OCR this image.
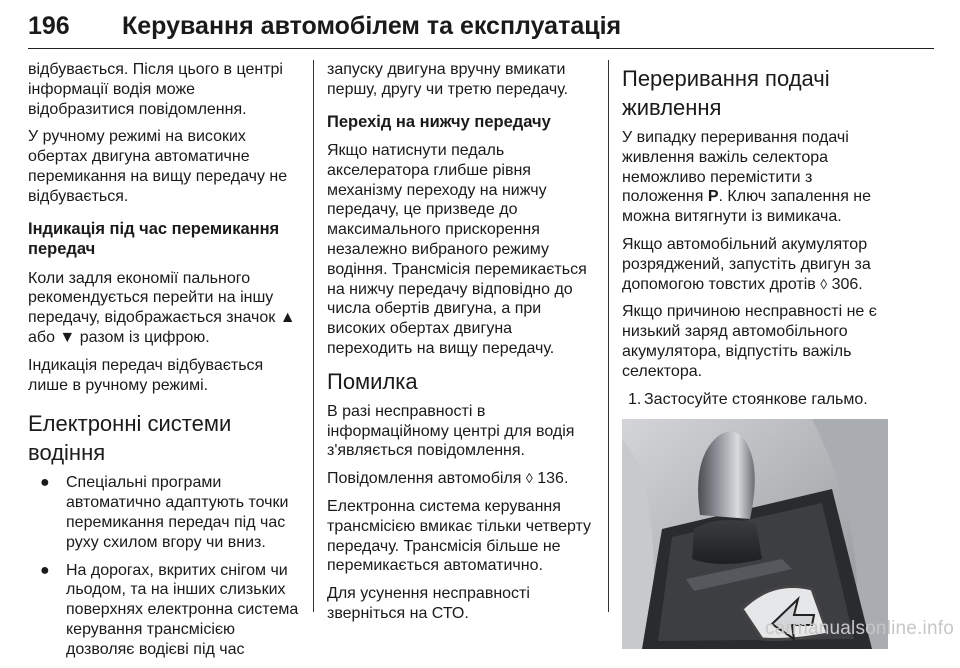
196 Керування автомобілем та експлуатація

відбувається. Після цього в центрі інформації водія може відобразитися повідомлення.

У ручному режимі на високих обертах двигуна автоматичне перемикання на вищу передачу не відбувається.

Індикація під час перемикання передач

Коли задля економії пального рекомендується перейти на іншу передачу, відображається значок ▲ або ▼ разом із цифрою.

Індикація передач відбувається лише в ручному режимі.

Електронні системи водіння
● Спеціальні програми автоматично адаптують точки перемикання передач під час руху схилом вгору чи вниз.
● На дорогах, вкритих снігом чи льодом, та на інших слизьких поверхнях електронна система керування трансмісією дозволяє водієві під час

запуску двигуна вручну вмикати першу, другу чи третю передачу.

Перехід на нижчу передачу

Якщо натиснути педаль акселератора глибше рівня механізму переходу на нижчу передачу, це призведе до максимального прискорення незалежно вибраного режиму водіння. Трансмісія перемикається на нижчу передачу відповідно до числа обертів двигуна, а при високих обертах двигуна переходить на вищу передачу.

Помилка

В разі несправності в інформаційному центрі для водія з'являється повідомлення.

Повідомлення автомобіля ◊ 136.

Електронна система керування трансмісією вмикає тільки четверту передачу. Трансмісія більше не перемикається автоматично.

Для усунення несправності зверніться на СТО.

Переривання подачі живлення

У випадку переривання подачі живлення важіль селектора неможливо перемістити з положення P. Ключ запалення не можна витягнути із вимикача.

Якщо автомобільний акумулятор розряджений, запустіть двигун за допомогою товстих дротів ◊ 306.

Якщо причиною несправності не є низький заряд автомобільного акумулятора, відпустіть важіль селектора.

1. Застосуйте стоянкове гальмо.
carmanualsonline.info
